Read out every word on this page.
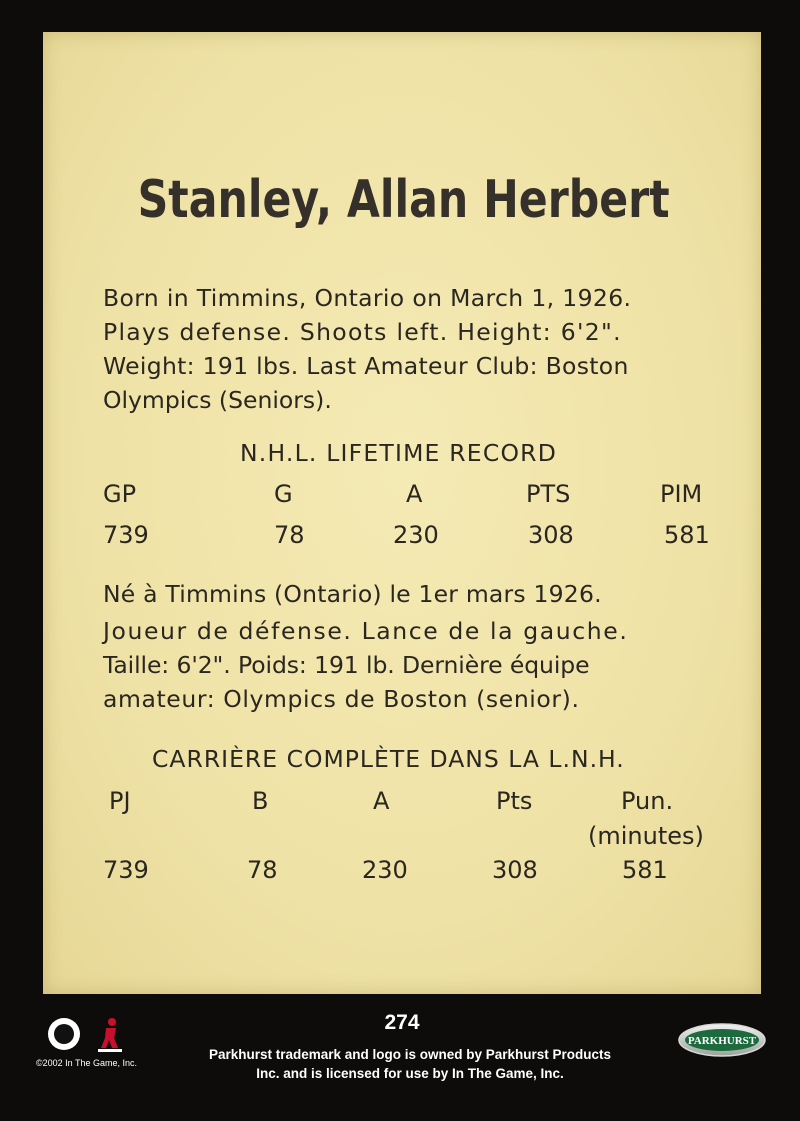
Stanley, Allan Herbert
Born in Timmins, Ontario on March 1, 1926.
Plays defense. Shoots left. Height: 6'2".
Weight: 191 lbs. Last Amateur Club: Boston
Olympics (Seniors).
N.H.L. LIFETIME RECORD
GP	G	A	PTS	PIM
739	78	230	308	581
Né à Timmins (Ontario) le 1er mars 1926.
Joueur de défense. Lance de la gauche.
Taille: 6'2". Poids: 191 lb. Dernière équipe
amateur: Olympics de Boston (senior).
CARRIÈRE COMPLÈTE DANS LA L.N.H.
PJ	B	A	Pts	Pun.
(minutes)
739	78	230	308	581
©2002 In The Game, Inc.
274
Parkhurst trademark and logo is owned by Parkhurst Products
Inc. and is licensed for use by In The Game, Inc.
PARKHURST
